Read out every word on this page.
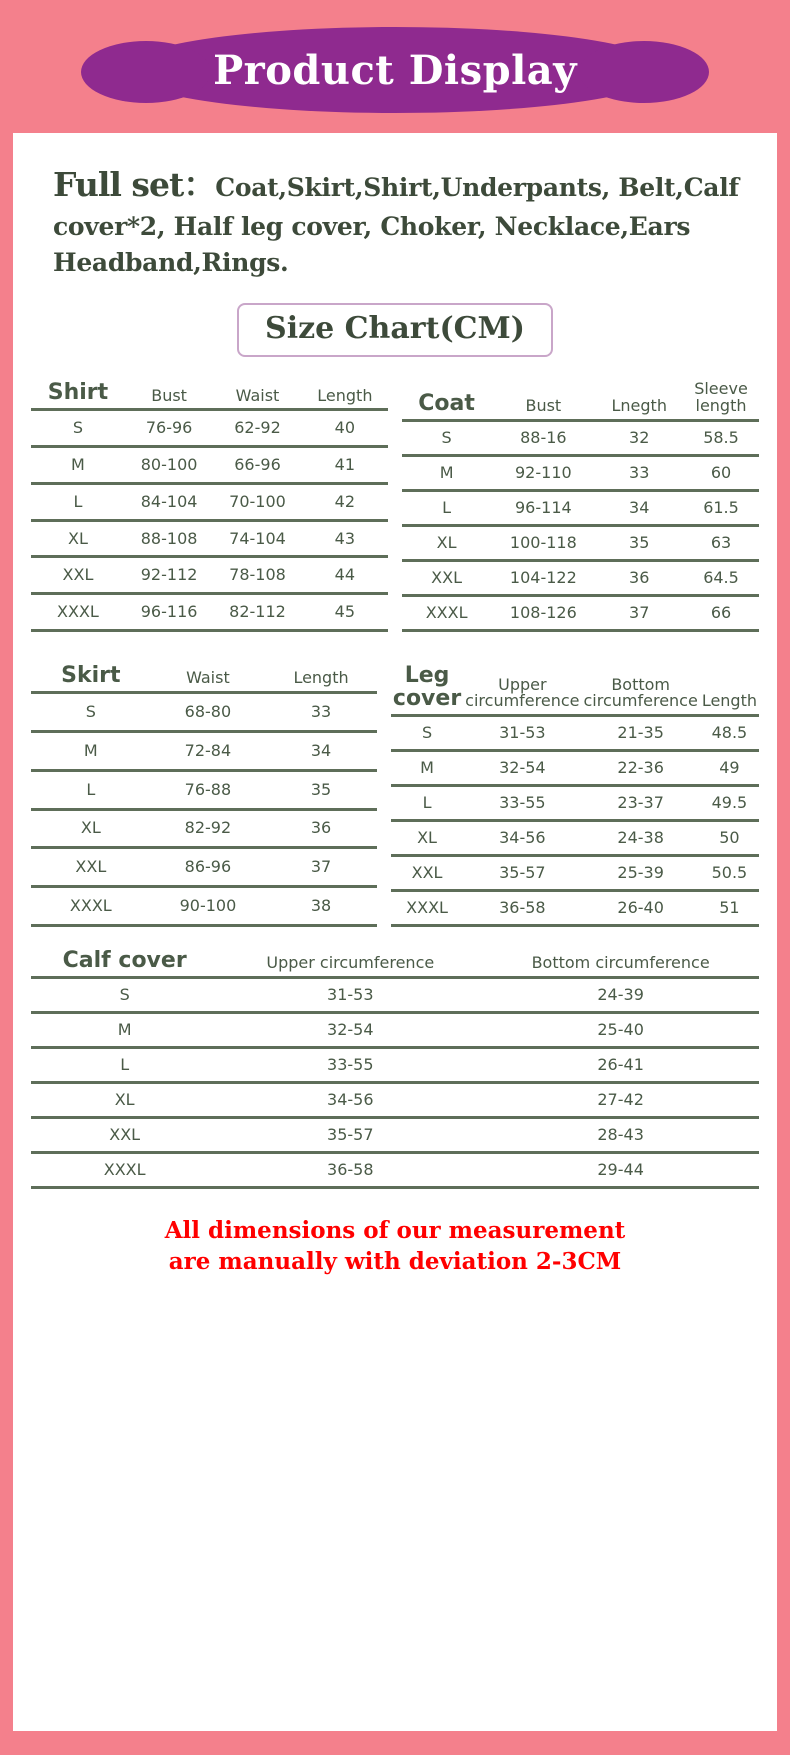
Product Display
Full set：Coat,Skirt,Shirt,Underpants, Belt,Calf cover*2, Half leg cover, Choker, Necklace,Ears Headband,Rings.
Size Chart(CM)
Shirt	Bust	Waist	Length
S	76-96	62-92	40
M	80-100	66-96	41
L	84-104	70-100	42
XL	88-108	74-104	43
XXL	92-112	78-108	44
XXXL	96-116	82-112	45
Coat	Bust	Lnegth	Sleeve length
S	88-16	32	58.5
M	92-110	33	60
L	96-114	34	61.5
XL	100-118	35	63
XXL	104-122	36	64.5
XXXL	108-126	37	66
Skirt	Waist	Length
S	68-80	33
M	72-84	34
L	76-88	35
XL	82-92	36
XXL	86-96	37
XXXL	90-100	38
Leg cover	Upper circumference	Bottom circumference	Length
S	31-53	21-35	48.5
M	32-54	22-36	49
L	33-55	23-37	49.5
XL	34-56	24-38	50
XXL	35-57	25-39	50.5
XXXL	36-58	26-40	51
Calf cover	Upper circumference	Bottom circumference
S	31-53	24-39
M	32-54	25-40
L	33-55	26-41
XL	34-56	27-42
XXL	35-57	28-43
XXXL	36-58	29-44
All dimensions of our measurement
are manually with deviation 2-3CM
